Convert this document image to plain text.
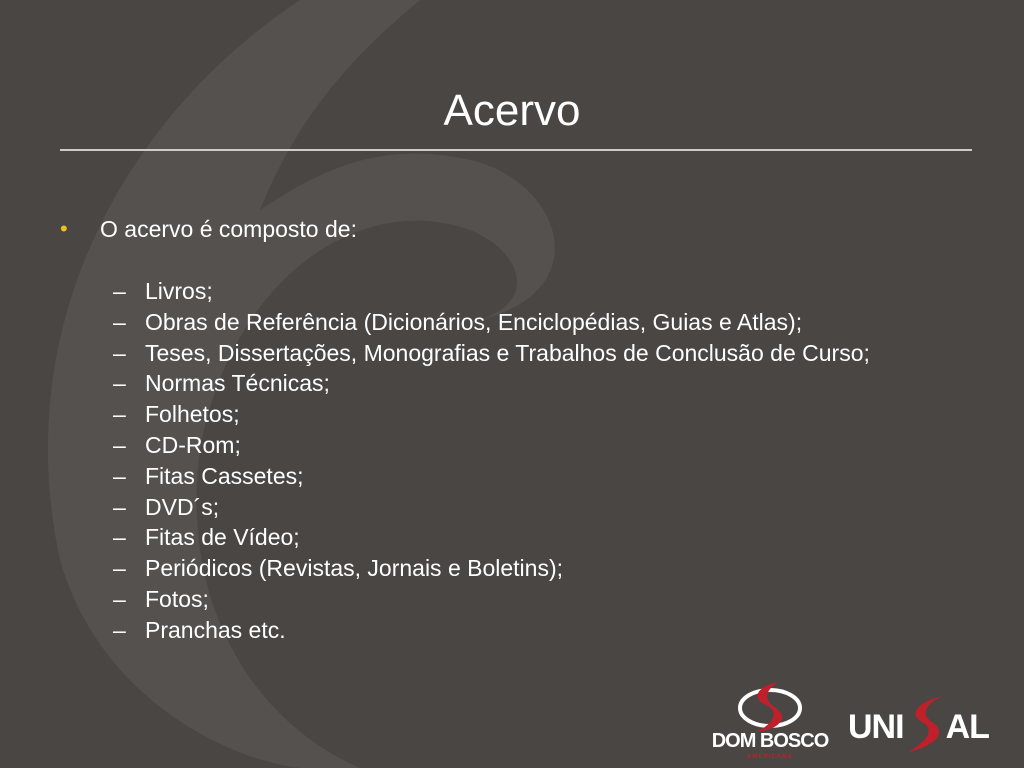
Acervo
• O acervo é composto de:
– Livros;
– Obras de Referência (Dicionários, Enciclopédias, Guias e Atlas);
– Teses, Dissertações, Monografias e Trabalhos de Conclusão de Curso;
– Normas Técnicas;
– Folhetos;
– CD-Rom;
– Fitas Cassetes;
– DVD´s;
– Fitas de Vídeo;
– Periódicos (Revistas, Jornais e Boletins);
– Fotos;
– Pranchas etc.
DOM BOSCO
AMERICANA
UNI AL
